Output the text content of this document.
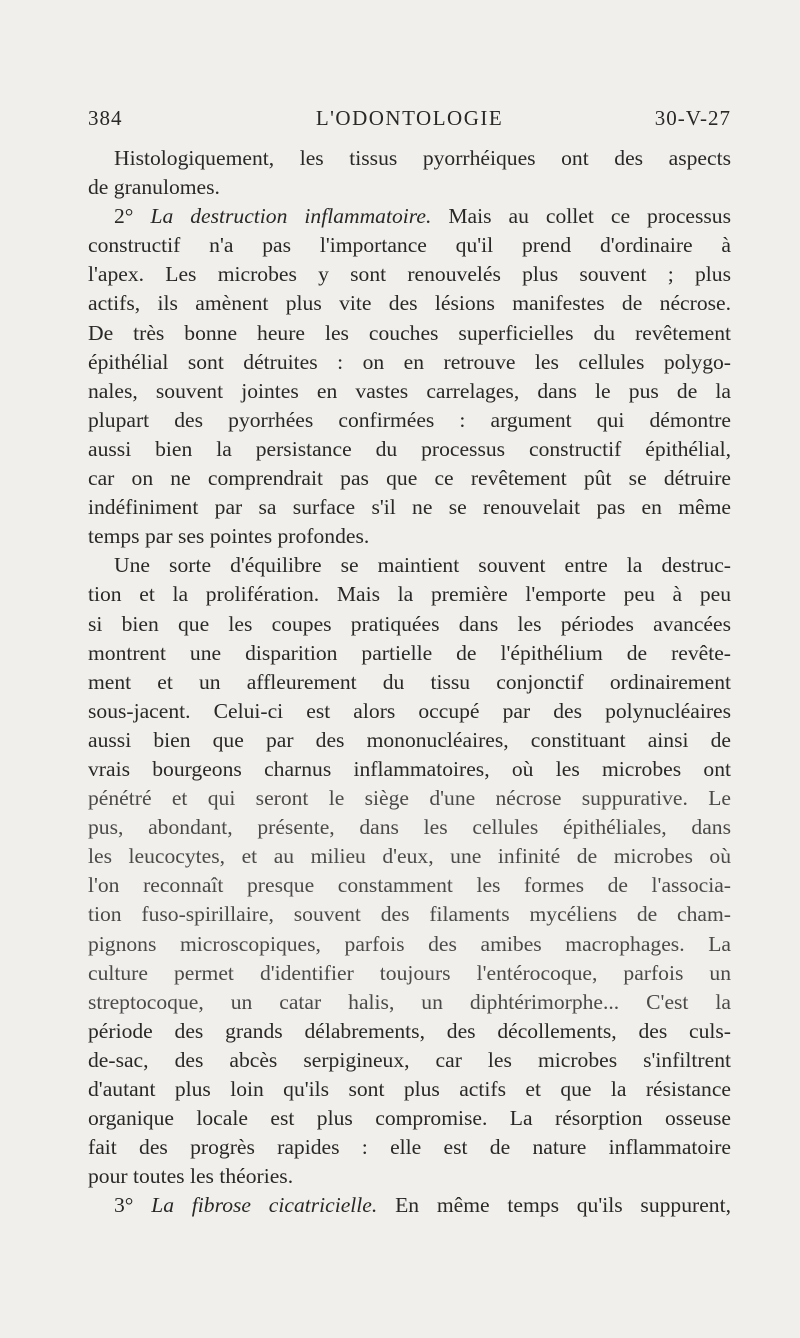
384	L'ODONTOLOGIE	30-V-27
Histologiquement, les tissus pyorrhéiques ont des aspects
de granulomes.
2° La destruction inflammatoire. Mais au collet ce processus
constructif n'a pas l'importance qu'il prend d'ordinaire à
l'apex. Les microbes y sont renouvelés plus souvent ; plus
actifs, ils amènent plus vite des lésions manifestes de nécrose.
De très bonne heure les couches superficielles du revêtement
épithélial sont détruites : on en retrouve les cellules polygo-
nales, souvent jointes en vastes carrelages, dans le pus de la
plupart des pyorrhées confirmées : argument qui démontre
aussi bien la persistance du processus constructif épithélial,
car on ne comprendrait pas que ce revêtement pût se détruire
indéfiniment par sa surface s'il ne se renouvelait pas en même
temps par ses pointes profondes.
Une sorte d'équilibre se maintient souvent entre la destruc-
tion et la prolifération. Mais la première l'emporte peu à peu
si bien que les coupes pratiquées dans les périodes avancées
montrent une disparition partielle de l'épithélium de revête-
ment et un affleurement du tissu conjonctif ordinairement
sous-jacent. Celui-ci est alors occupé par des polynucléaires
aussi bien que par des mononucléaires, constituant ainsi de
vrais bourgeons charnus inflammatoires, où les microbes ont
pénétré et qui seront le siège d'une nécrose suppurative. Le
pus, abondant, présente, dans les cellules épithéliales, dans
les leucocytes, et au milieu d'eux, une infinité de microbes où
l'on reconnaît presque constamment les formes de l'associa-
tion fuso-spirillaire, souvent des filaments mycéliens de cham-
pignons microscopiques, parfois des amibes macrophages. La
culture permet d'identifier toujours l'entérocoque, parfois un
streptocoque, un catar halis, un diphtérimorphe... C'est la
période des grands délabrements, des décollements, des culs-
de-sac, des abcès serpigineux, car les microbes s'infiltrent
d'autant plus loin qu'ils sont plus actifs et que la résistance
organique locale est plus compromise. La résorption osseuse
fait des progrès rapides : elle est de nature inflammatoire
pour toutes les théories.
3° La fibrose cicatricielle. En même temps qu'ils suppurent,
